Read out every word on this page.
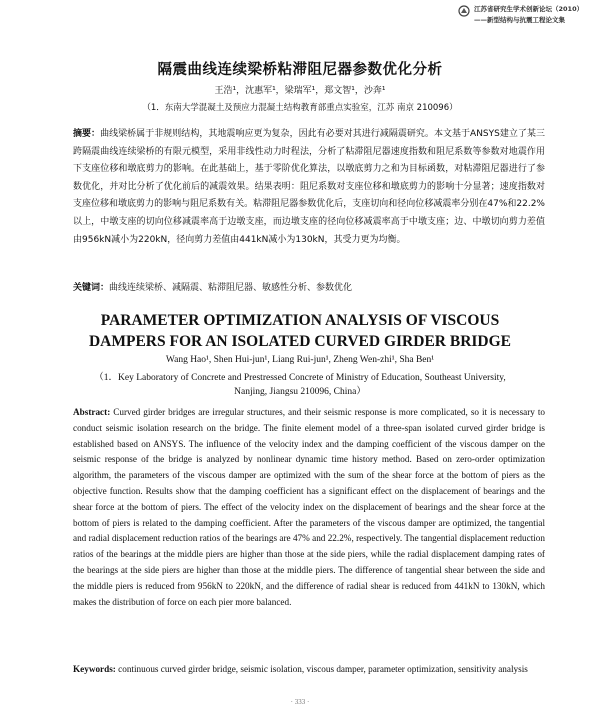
江苏省研究生学术创新论坛（2010）
——新型结构与抗震工程论文集
隔震曲线连续梁桥粘滞阻尼器参数优化分析
王浩¹，沈惠军¹，梁瑞军¹，郑文智¹，沙奔¹
（1．东南大学混凝土及预应力混凝土结构教育部重点实验室，江苏 南京 210096）
摘要：曲线梁桥属于非规则结构，其地震响应更为复杂，因此有必要对其进行减隔震研究。本文基于ANSYS建立了某三跨隔震曲线连续梁桥的有限元模型，采用非线性动力时程法，分析了粘滞阻尼器速度指数和阻尼系数等参数对地震作用下支座位移和墩底剪力的影响。在此基础上，基于零阶优化算法，以墩底剪力之和为目标函数，对粘滞阻尼器进行了参数优化，并对比分析了优化前后的减震效果。结果表明：阻尼系数对支座位移和墩底剪力的影响十分显著；速度指数对支座位移和墩底剪力的影响与阻尼系数有关。粘滞阻尼器参数优化后，支座切向和径向位移减震率分别在47%和22.2%以上，中墩支座的切向位移减震率高于边墩支座，而边墩支座的径向位移减震率高于中墩支座；边、中墩切向剪力差值由956kN减小为220kN，径向剪力差值由441kN减小为130kN，其受力更为均衡。
关键词：曲线连续梁桥、减隔震、粘滞阻尼器、敏感性分析、参数优化
PARAMETER OPTIMIZATION ANALYSIS OF VISCOUS
DAMPERS FOR AN ISOLATED CURVED GIRDER BRIDGE
Wang Hao¹, Shen Hui-jun¹, Liang Rui-jun¹, Zheng Wen-zhi¹, Sha Ben¹
（1．Key Laboratory of Concrete and Prestressed Concrete of Ministry of Education, Southeast University,
Nanjing, Jiangsu 210096, China）
Abstract: Curved girder bridges are irregular structures, and their seismic response is more complicated, so it is necessary to conduct seismic isolation research on the bridge. The finite element model of a three-span isolated curved girder bridge is established based on ANSYS. The influence of the velocity index and the damping coefficient of the viscous damper on the seismic response of the bridge is analyzed by nonlinear dynamic time history method. Based on zero-order optimization algorithm, the parameters of the viscous damper are optimized with the sum of the shear force at the bottom of piers as the objective function. Results show that the damping coefficient has a significant effect on the displacement of bearings and the shear force at the bottom of piers. The effect of the velocity index on the displacement of bearings and the shear force at the bottom of piers is related to the damping coefficient. After the parameters of the viscous damper are optimized, the tangential and radial displacement reduction ratios of the bearings are 47% and 22.2%, respectively. The tangential displacement reduction ratios of the bearings at the middle piers are higher than those at the side piers, while the radial displacement damping rates of the bearings at the side piers are higher than those at the middle piers. The difference of tangential shear between the side and the middle piers is reduced from 956kN to 220kN, and the difference of radial shear is reduced from 441kN to 130kN, which makes the distribution of force on each pier more balanced.
Keywords: continuous curved girder bridge, seismic isolation, viscous damper, parameter optimization, sensitivity analysis
· 333 ·
